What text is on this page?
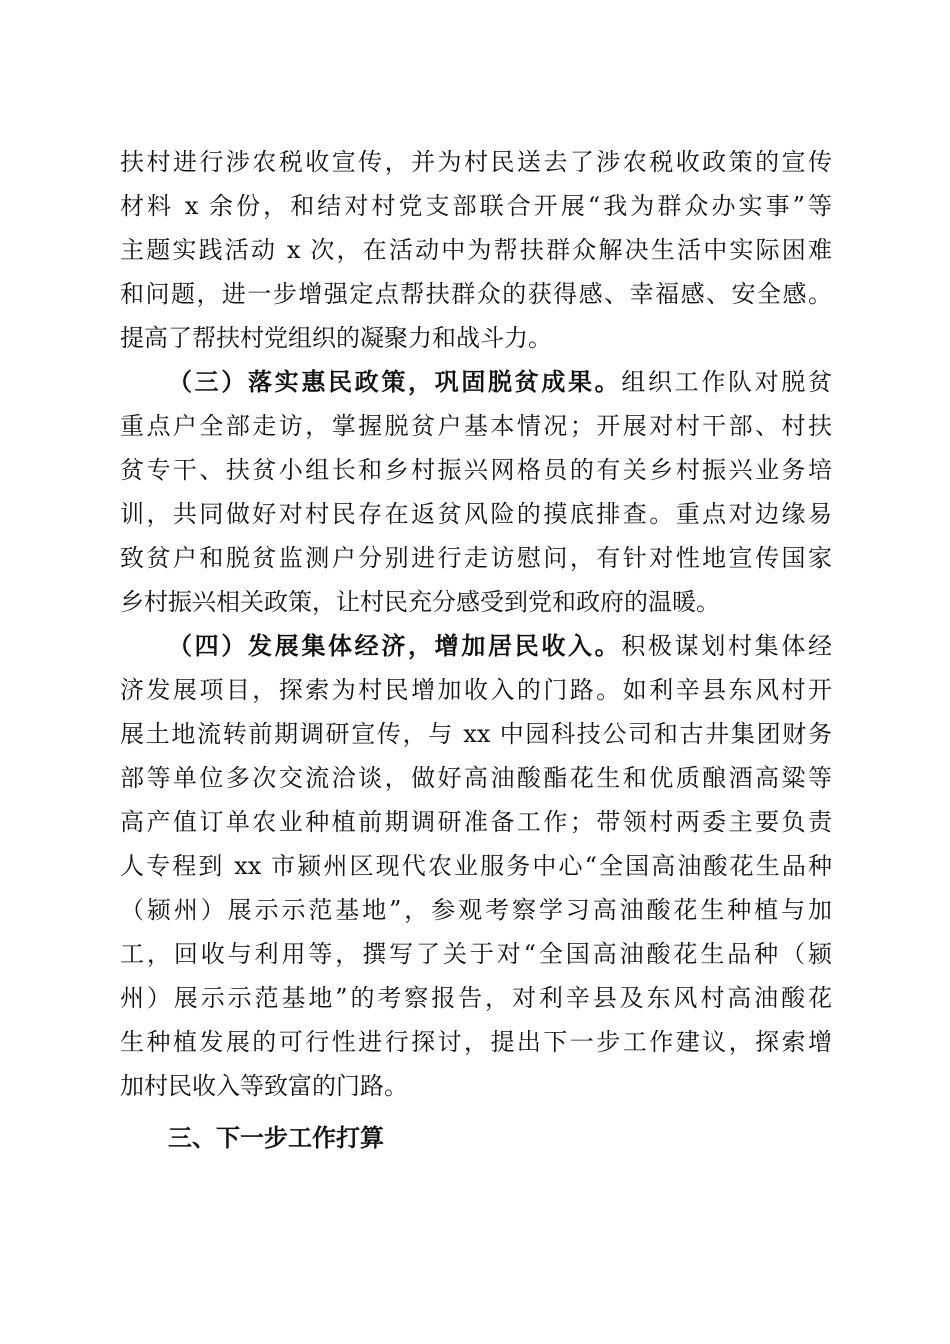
扶村进行涉农税收宣传，并为村民送去了涉农税收政策的宣传
材料 x 余份，和结对村党支部联合开展“我为群众办实事”等
主题实践活动 x 次，在活动中为帮扶群众解决生活中实际困难
和问题，进一步增强定点帮扶群众的获得感、幸福感、安全感。
提高了帮扶村党组织的凝聚力和战斗力。
（三）落实惠民政策，巩固脱贫成果。组织工作队对脱贫
重点户全部走访，掌握脱贫户基本情况；开展对村干部、村扶
贫专干、扶贫小组长和乡村振兴网格员的有关乡村振兴业务培
训，共同做好对村民存在返贫风险的摸底排查。重点对边缘易
致贫户和脱贫监测户分别进行走访慰问，有针对性地宣传国家
乡村振兴相关政策，让村民充分感受到党和政府的温暖。
（四）发展集体经济，增加居民收入。积极谋划村集体经
济发展项目，探索为村民增加收入的门路。如利辛县东风村开
展土地流转前期调研宣传，与 xx 中园科技公司和古井集团财务
部等单位多次交流洽谈，做好高油酸酯花生和优质酿酒高粱等
高产值订单农业种植前期调研准备工作；带领村两委主要负责
人专程到 xx 市颍州区现代农业服务中心“全国高油酸花生品种
（颍州）展示示范基地”，参观考察学习高油酸花生种植与加
工，回收与利用等，撰写了关于对“全国高油酸花生品种（颍
州）展示示范基地”的考察报告，对利辛县及东风村高油酸花
生种植发展的可行性进行探讨，提出下一步工作建议，探索增
加村民收入等致富的门路。
三、下一步工作打算
